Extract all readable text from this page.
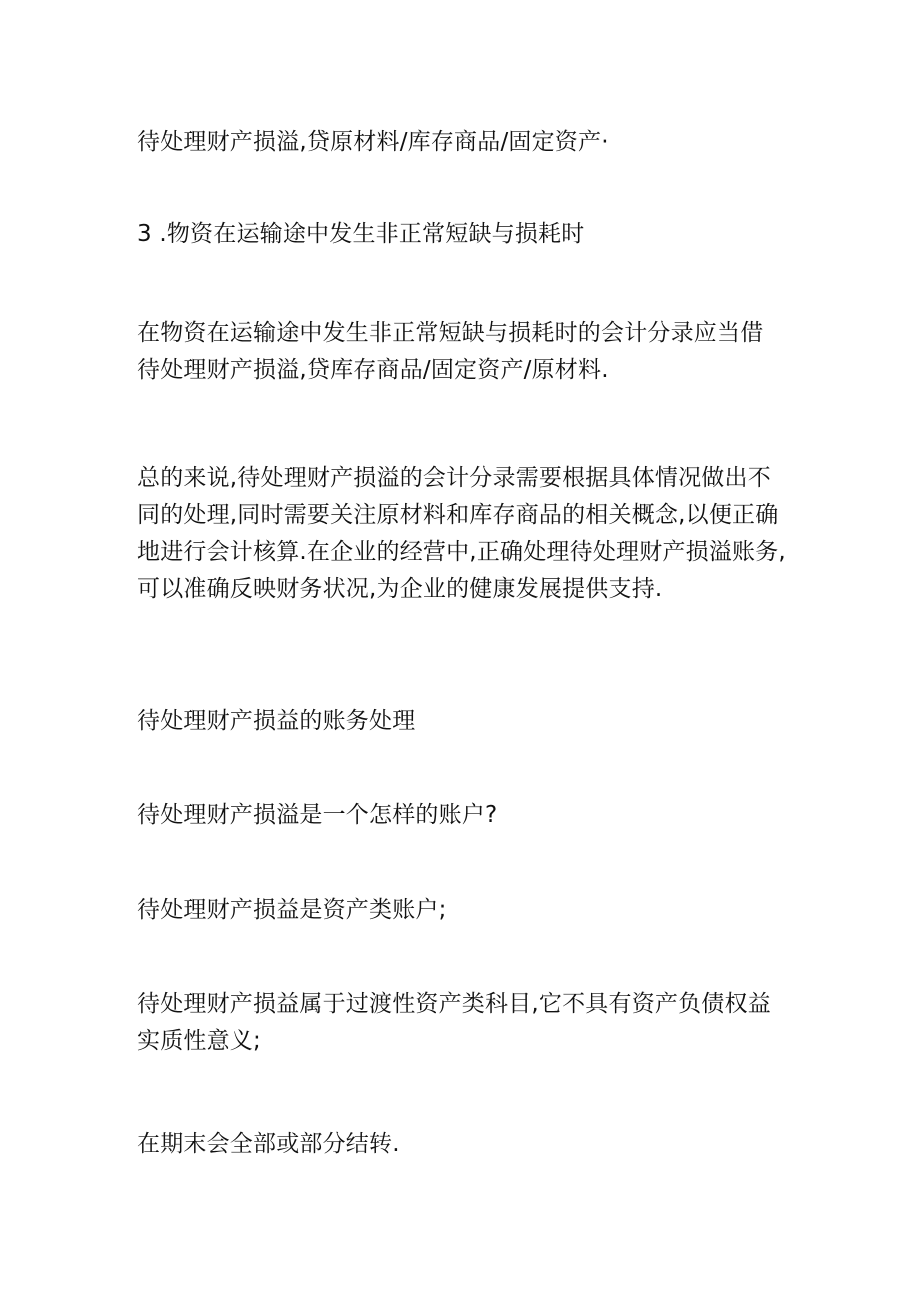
待处理财产损溢,贷原材料/库存商品/固定资产·
3 .物资在运输途中发生非正常短缺与损耗时
在物资在运输途中发生非正常短缺与损耗时的会计分录应当借
待处理财产损溢,贷库存商品/固定资产/原材料.
总的来说,待处理财产损溢的会计分录需要根据具体情况做出不
同的处理,同时需要关注原材料和库存商品的相关概念,以便正确
地进行会计核算.在企业的经营中,正确处理待处理财产损溢账务,
可以准确反映财务状况,为企业的健康发展提供支持.
待处理财产损益的账务处理
待处理财产损溢是一个怎样的账户?
待处理财产损益是资产类账户;
待处理财产损益属于过渡性资产类科目,它不具有资产负债权益
实质性意义;
在期末会全部或部分结转.
